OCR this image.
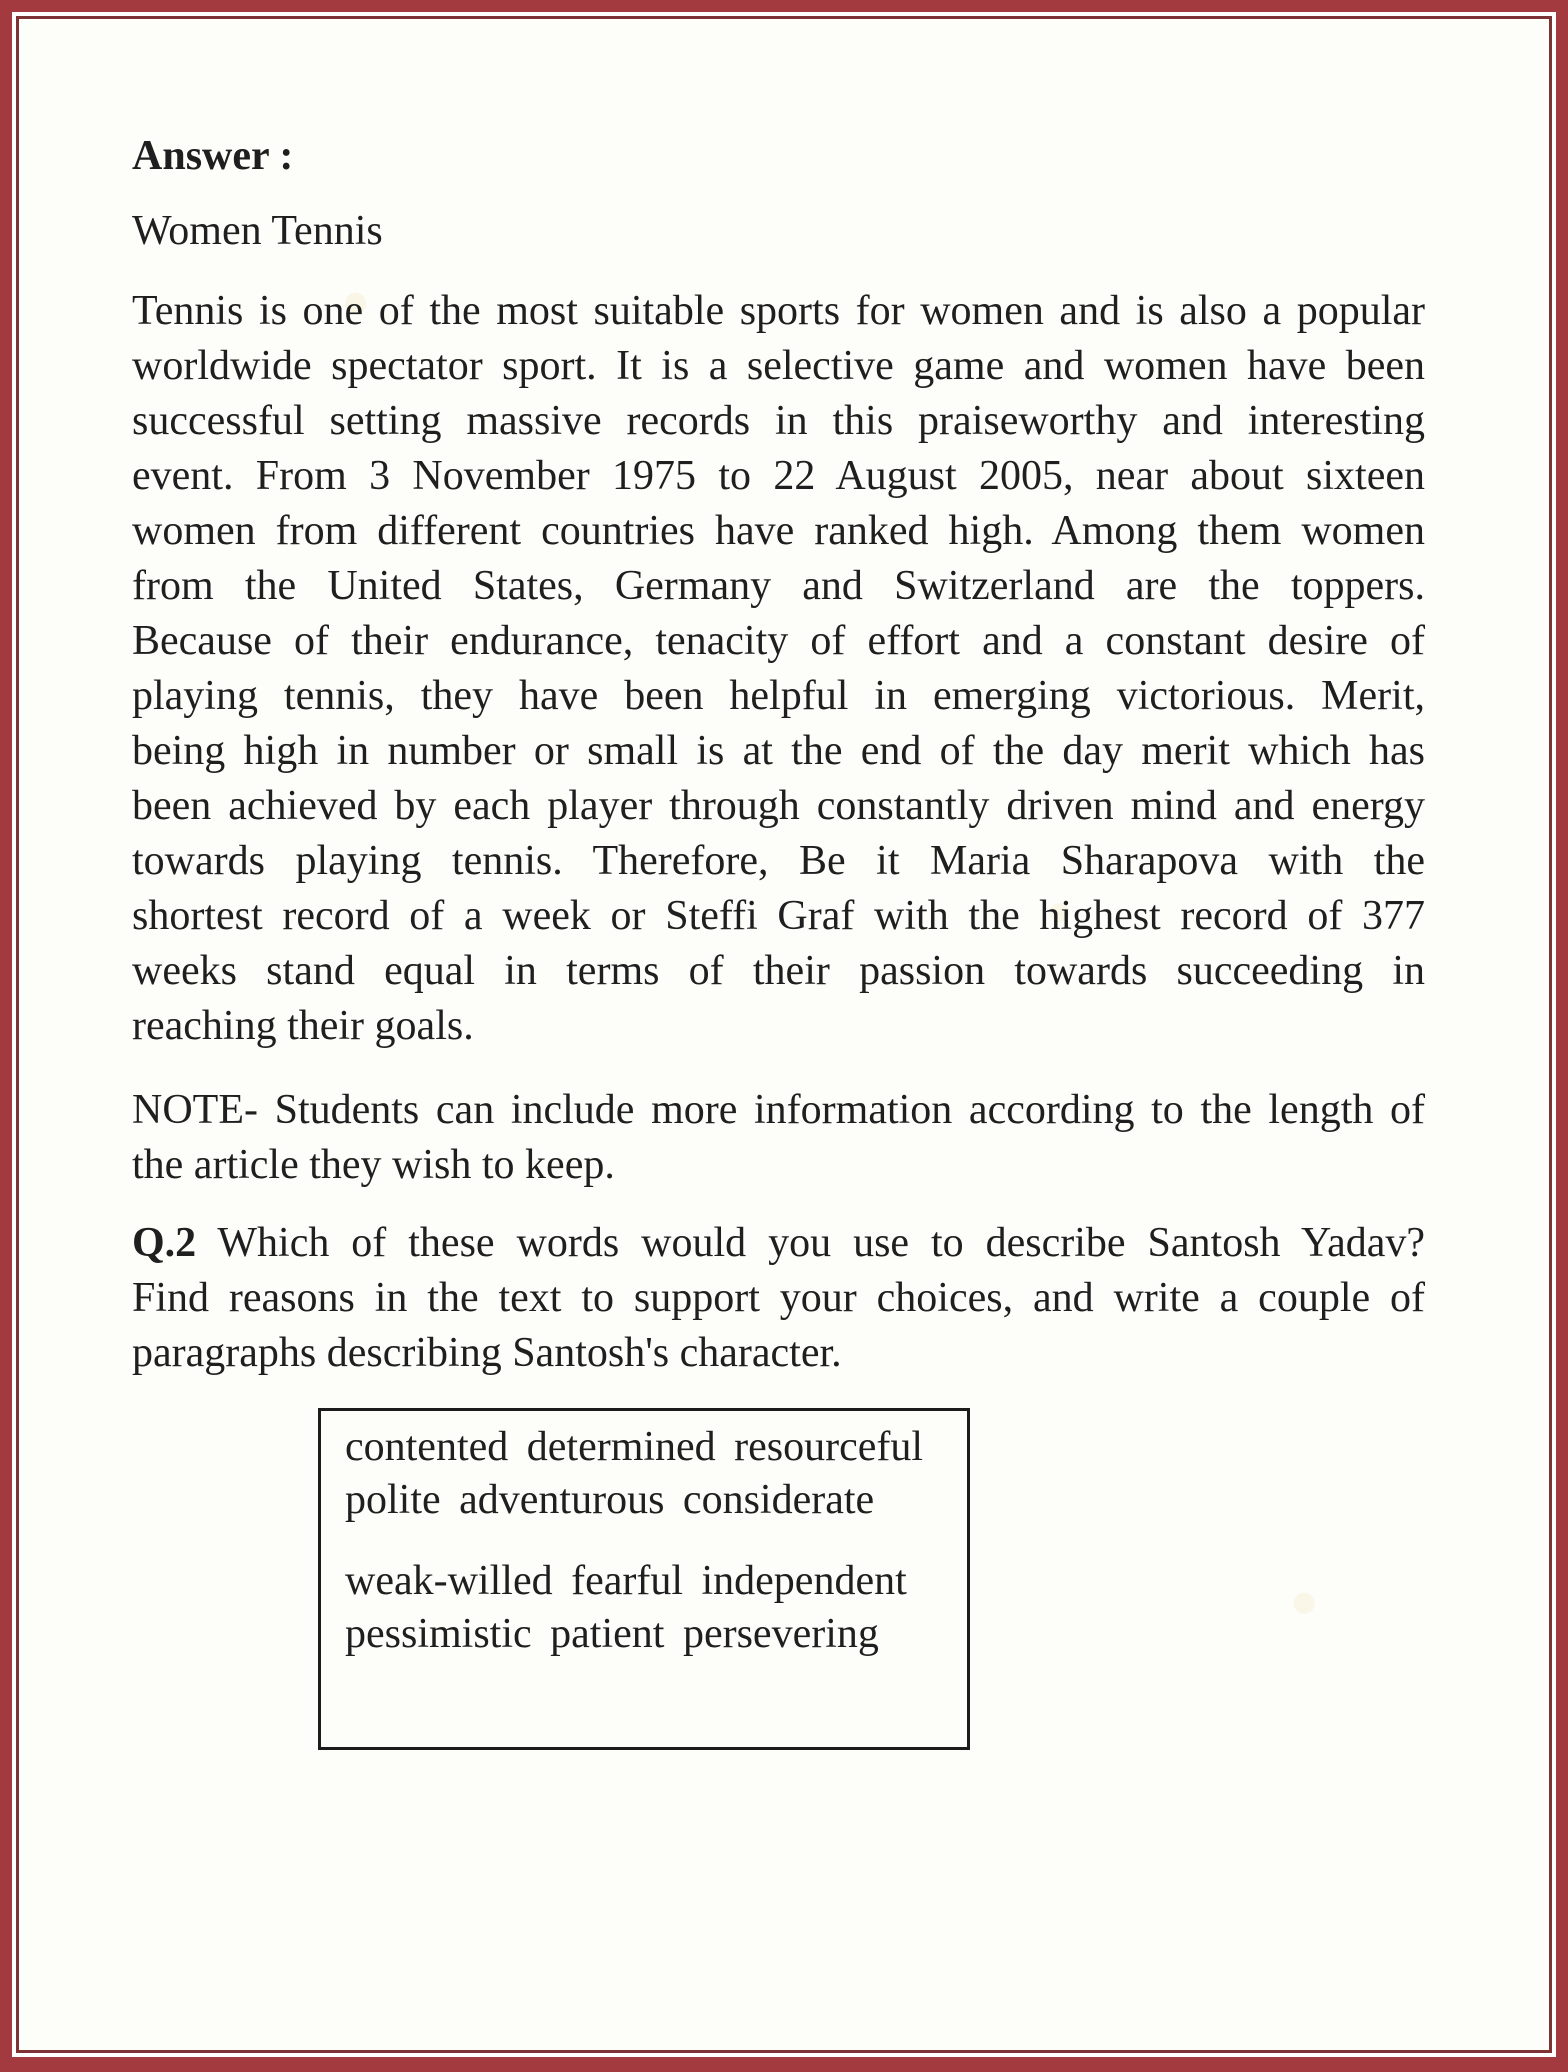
Answer :

Women Tennis

Tennis is one of the most suitable sports for women and is also a popular
worldwide spectator sport. It is a selective game and women have been
successful setting massive records in this praiseworthy and interesting
event. From 3 November 1975 to 22 August 2005, near about sixteen
women from different countries have ranked high. Among them women
from the United States, Germany and Switzerland are the toppers.
Because of their endurance, tenacity of effort and a constant desire of
playing tennis, they have been helpful in emerging victorious. Merit,
being high in number or small is at the end of the day merit which has
been achieved by each player through constantly driven mind and energy
towards playing tennis. Therefore, Be it Maria Sharapova with the
shortest record of a week or Steffi Graf with the highest record of 377
weeks stand equal in terms of their passion towards succeeding in
reaching their goals.
NOTE- Students can include more information according to the length of
the article they wish to keep.
Q.2 Which of these words would you use to describe Santosh Yadav?
Find reasons in the text to support your choices, and write a couple of
paragraphs describing Santosh's character.
contented determined resourceful
polite adventurous considerate
weak-willed fearful independent
pessimistic patient persevering
